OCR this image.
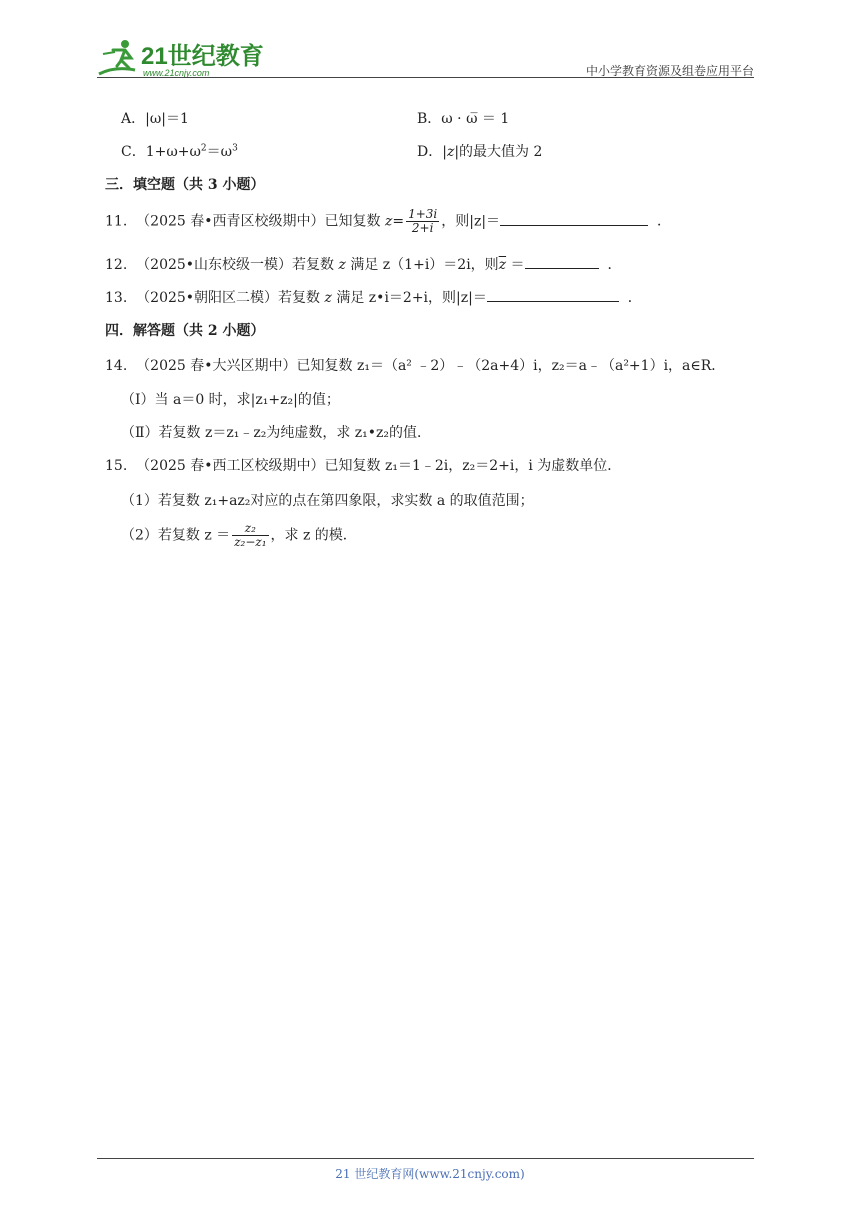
21世纪教育
www.21cnjy.com	中小学教育资源及组卷应用平台
A．|ω|＝1	B．ω · ω̅ ＝ 1
C．$1+\omega+\omega^2=\omega^3$	D．|z|的最大值为 2
三．填空题（共 3 小题）
11. （2025 春•西青区校级期中）已知复数 $z= \frac{1+3i}{2+i}$ ，则|z|＝	．
12. （2025•山东校级一模）若复数 z 满足 z（1+i）＝2i，则$\overline{z}$ ＝	．
13. （2025•朝阳区二模）若复数 z 满足 z•i＝2+i，则|z|＝	．
四．解答题（共 2 小题）
14. （2025 春•大兴区期中）已知复数 z₁＝（a² ﹣2）﹣（2a+4）i，z₂＝a﹣（a²+1）i，a∈R．
（Ⅰ）当 a＝0 时，求|z₁+z₂|的值；
（Ⅱ）若复数 z＝z₁﹣z₂为纯虚数，求 z₁•z₂的值．
15. （2025 春•西工区校级期中）已知复数 z₁＝1﹣2i，z₂＝2+i，i 为虚数单位．
（1）若复数 z₁+az₂对应的点在第四象限，求实数 a 的取值范围；
（2）若复数 $z = \frac{\text{z₂}}{\text{z₂−z₁}}$ ，求 z 的模．
21 世纪教育网(www.21cnjy.com)
